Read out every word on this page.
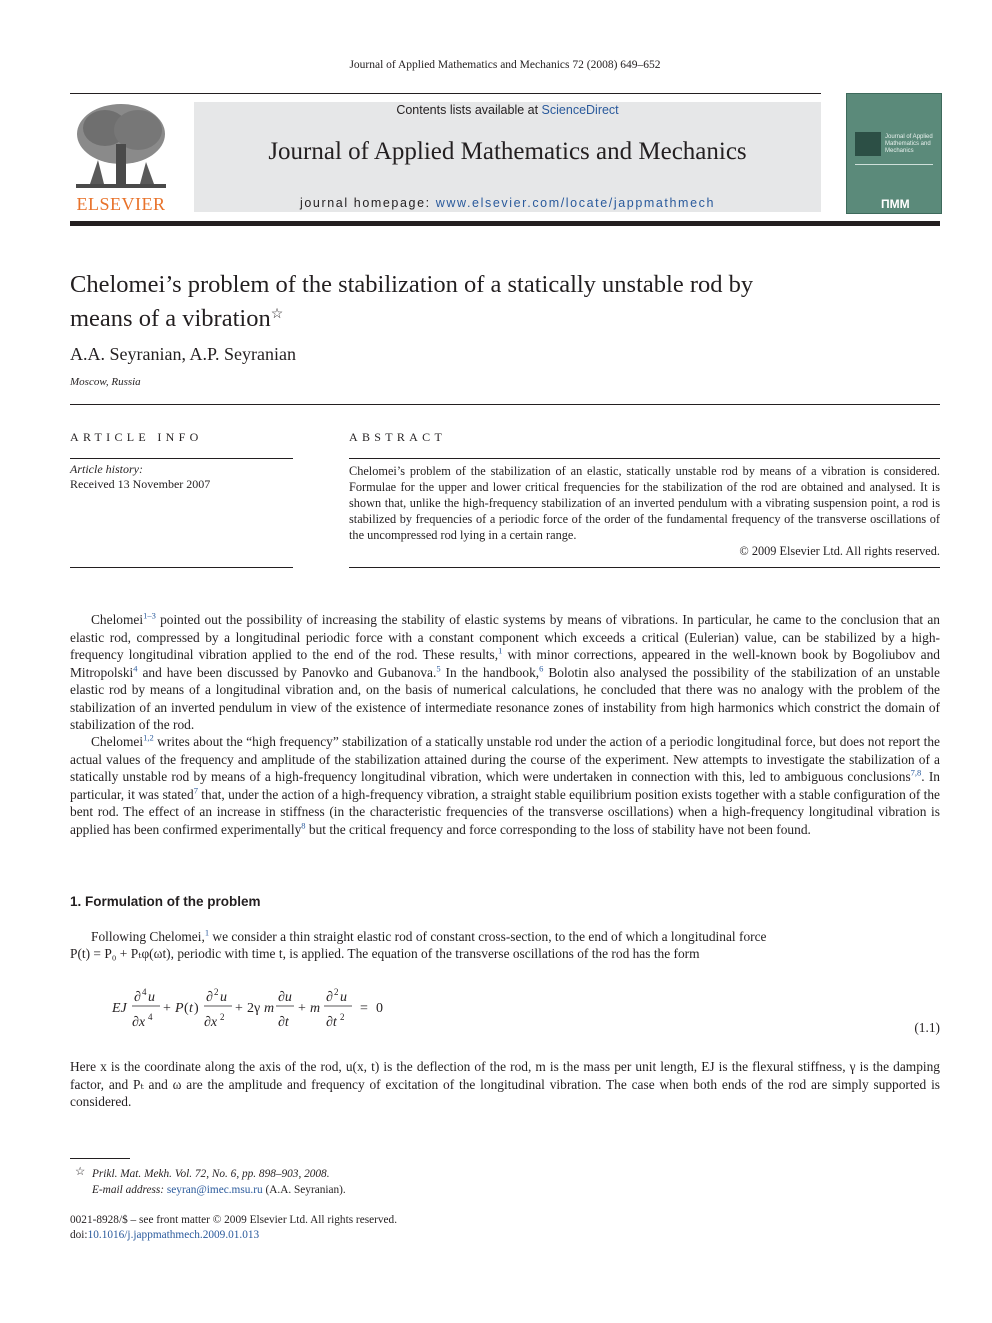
Journal of Applied Mathematics and Mechanics 72 (2008) 649–652
ELSEVIER
Contents lists available at ScienceDirect
Journal of Applied Mathematics and Mechanics
journal homepage: www.elsevier.com/locate/jappmathmech
Journal of Applied Mathematics and Mechanics
ПММ
Chelomei’s problem of the stabilization of a statically unstable rod by
means of a vibration☆
A.A. Seyranian, A.P. Seyranian
Moscow, Russia
ARTICLE INFO
Article history:
Received 13 November 2007
ABSTRACT
Chelomei’s problem of the stabilization of an elastic, statically unstable rod by means of a vibration is considered. Formulae for the upper and lower critical frequencies for the stabilization of the rod are obtained and analysed. It is shown that, unlike the high-frequency stabilization of an inverted pendulum with a vibrating suspension point, a rod is stabilized by frequencies of a periodic force of the order of the fundamental frequency of the transverse oscillations of the uncompressed rod lying in a certain range.
© 2009 Elsevier Ltd. All rights reserved.
Chelomei$^{1-3}$ pointed out the possibility of increasing the stability of elastic systems by means of vibrations. In particular, he came to the conclusion that an elastic rod, compressed by a longitudinal periodic force with a constant component which exceeds a critical (Eulerian) value, can be stabilized by a high-frequency longitudinal vibration applied to the end of the rod. These results,$^1$ with minor corrections, appeared in the well-known book by Bogoliubov and Mitropolski$^4$ and have been discussed by Panovko and Gubanova.$^5$ In the handbook,$^6$ Bolotin also analysed the possibility of the stabilization of an unstable elastic rod by means of a longitudinal vibration and, on the basis of numerical calculations, he concluded that there was no analogy with the problem of the stabilization of an inverted pendulum in view of the existence of intermediate resonance zones of instability from high harmonics which constrict the domain of stabilization of the rod.
Chelomei$^{1,2}$ writes about the “high frequency” stabilization of a statically unstable rod under the action of a periodic longitudinal force, but does not report the actual values of the frequency and amplitude of the stabilization attained during the course of the experiment. New attempts to investigate the stabilization of a statically unstable rod by means of a high-frequency longitudinal vibration, which were undertaken in connection with this, led to ambiguous conclusions$^{7,8}$. In particular, it was stated$^7$ that, under the action of a high-frequency vibration, a straight stable equilibrium position exists together with a stable configuration of the bent rod. The effect of an increase in stiffness (in the characteristic frequencies of the transverse oscillations) when a high-frequency longitudinal vibration is applied has been confirmed experimentally$^8$ but the critical frequency and force corresponding to the loss of stability have not been found.
1. Formulation of the problem
Following Chelomei,$^1$ we consider a thin straight elastic rod of constant cross-section, to the end of which a longitudinal force
P(t) = P₀ + Pₜφ(ωt), periodic with time t, is applied. The equation of the transverse oscillations of the rod has the form
EJ
∂ 4 u
∂x 4
+ P ( t )
∂ 2 u
∂x 2
+ 2γ m
∂u
∂t
+ m
∂ 2 u
∂t 2
= 0
(1.1)
Here x is the coordinate along the axis of the rod, u(x, t) is the deflection of the rod, m is the mass per unit length, EJ is the flexural stiffness, γ is the damping factor, and Pₜ and ω are the amplitude and frequency of excitation of the longitudinal vibration. The case when both ends of the rod are simply supported is considered.
☆ Prikl. Mat. Mekh. Vol. 72, No. 6, pp. 898–903, 2008.
E-mail address: seyran@imec.msu.ru (A.A. Seyranian).
0021-8928/$ – see front matter © 2009 Elsevier Ltd. All rights reserved.
doi:10.1016/j.jappmathmech.2009.01.013
